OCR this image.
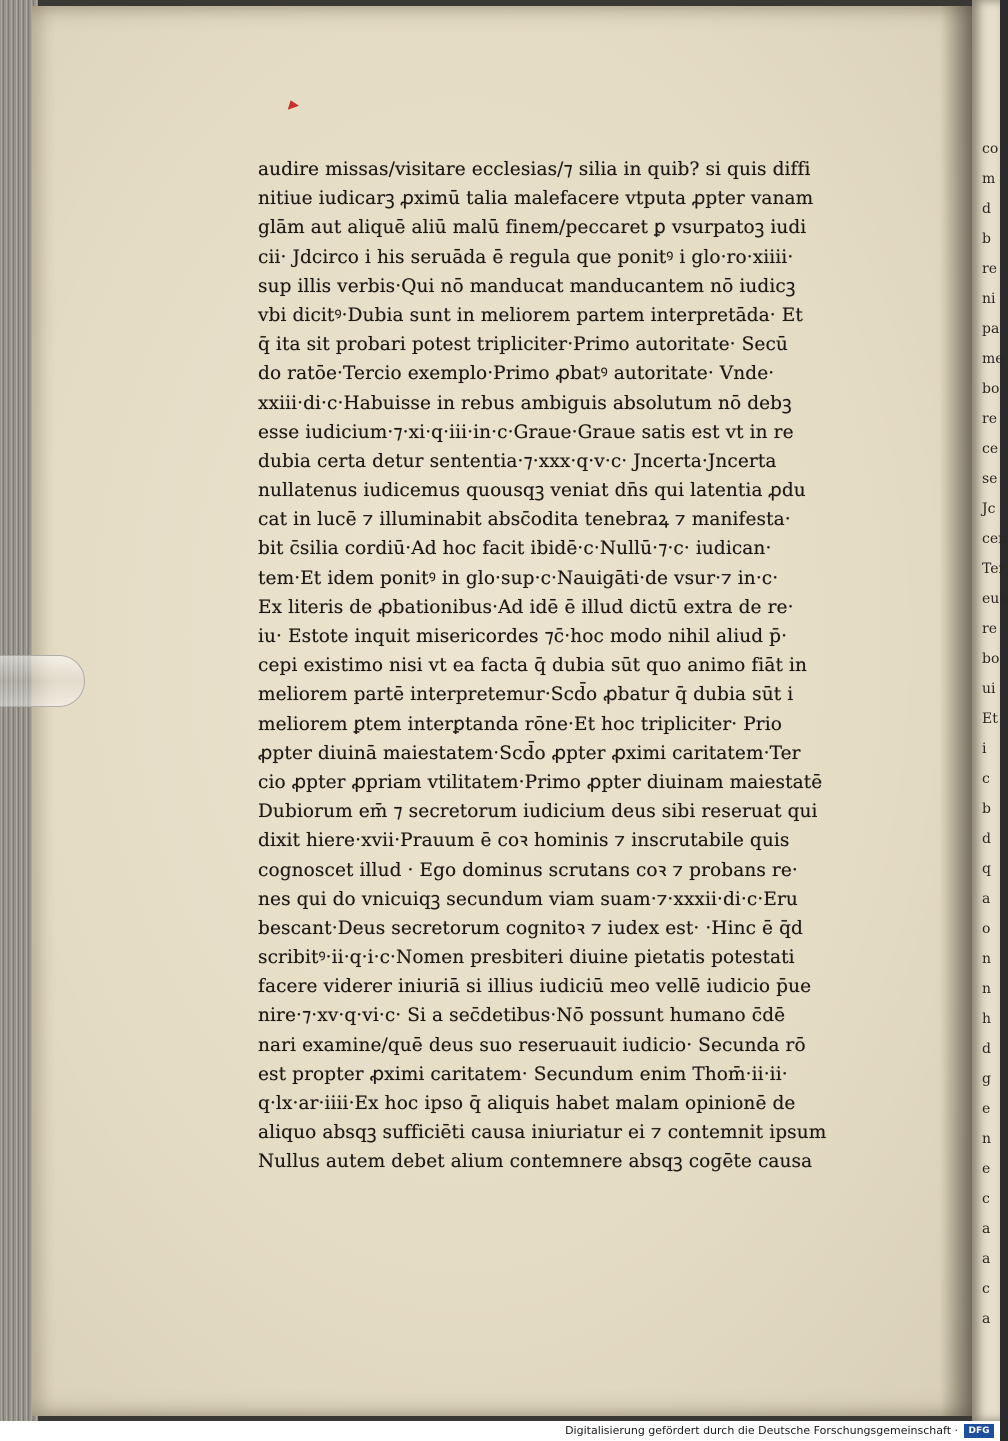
audire missas/visitare ecclesias/⁊ silia in quib? si quis diffi
nitiue iudicarꝫ ꝓximū talia malefacere vtputa ꝓpter vanam
glām aut aliquē aliū malū finem/peccaret ꝑ vsurpatoꝫ iudi
cii· Jdcirco i his seruāda ē regula que ponitꝰ i glo·ro·xiiii·
sup illis verbis·Qui nō manducat manducantem nō iudicꝫ
vbi dicitꝰ·Dubia sunt in meliorem partem interpretāda· Et
q̄ ita sit probari potest tripliciter·Primo autoritate· Secū
do ratōe·Tercio exemplo·Primo ꝓbatꝰ autoritate· Vnde·
xxiii·di·c·Habuisse in rebus ambiguis absolutum nō debꝫ
esse iudicium·⁊·xi·q·iii·in·c·Graue·Graue satis est vt in re
dubia certa detur sententia·⁊·xxx·q·v·c· Jncerta·Jncerta
nullatenus iudicemus quousqꝫ veniat dn̄s qui latentia ꝓdu
cat in lucē ⁊ illuminabit absc̄odita tenebraꝝ ⁊ manifesta·
bit c̄silia cordiū·Ad hoc facit ibidē·c·Nullū·⁊·c· iudican·
tem·Et idem ponitꝰ in glo·sup·c·Nauigāti·de vsur·⁊ in·c·
Ex literis de ꝓbationibus·Ad idē ē illud dictū extra de re·
iu· Estote inquit misericordes ⁊c̄·hoc modo nihil aliud p̄·
cepi existimo nisi vt ea facta q̄ dubia sūt quo animo fiāt in
meliorem partē interpretemur·Scd̄o ꝓbatur q̄ dubia sūt i
meliorem ꝑtem interꝑtanda rōne·Et hoc tripliciter· Prio
ꝓpter diuinā maiestatem·Scd̄o ꝓpter ꝓximi caritatem·Ter
cio ꝓpter ꝓpriam vtilitatem·Primo ꝓpter diuinam maiestatē
Dubiorum em̄ ⁊ secretorum iudicium deus sibi reseruat qui
dixit hiere·xvii·Prauum ē coꝛ hominis ⁊ inscrutabile quis
cognoscet illud · Ego dominus scrutans coꝛ ⁊ probans re·
nes qui do vnicuiqꝫ secundum viam suam·⁊·xxxii·di·c·Eru
bescant·Deus secretorum cognitoꝛ ⁊ iudex est· ·Hinc ē q̄d
scribitꝰ·ii·q·i·c·Nomen presbiteri diuine pietatis potestati
facere viderer iniuriā si illius iudiciū meo vellē iudicio p̄ue
nire·⁊·xv·q·vi·c· Si a sec̄detibus·Nō possunt humano c̄dē
nari examine/quē deus suo reseruauit iudicio· Secunda rō
est propter ꝓximi caritatem· Secundum enim Thom̄·ii·ii·
q·lx·ar·iiii·Ex hoc ipso q̄ aliquis habet malam opinionē de
aliquo absqꝫ sufficiēti causa iniuriatur ei ⁊ contemnit ipsum
Nullus autem debet alium contemnere absqꝫ cogēte causa
co
m
d
b
re
ni
pa
me
bo
re
ce
se
Jc
cen
Ter
eue
re
bo
ui
Et
i
c
b
d
q
a
o
n
n
h
d
g
e
n
e
c
a
a
c
a
Digitalisierung gefördert durch die Deutsche Forschungsgemeinschaft ·	DFG
